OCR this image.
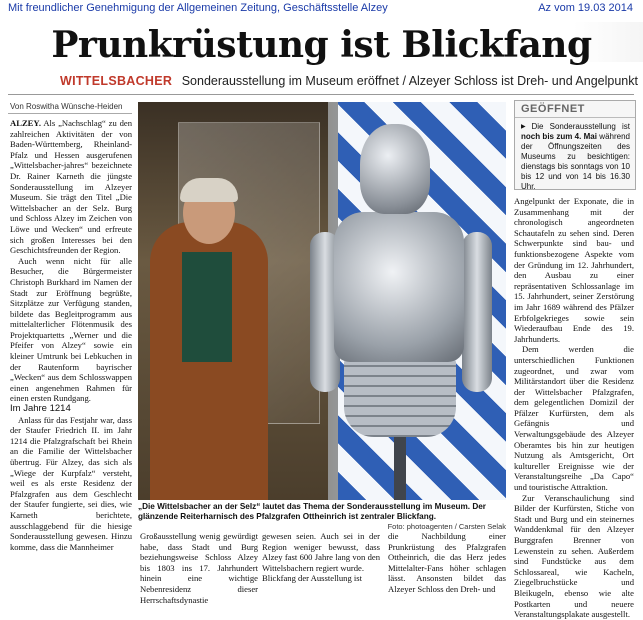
Mit freundlicher Genehmigung der Allgemeinen Zeitung, Geschäftsstelle Alzey	Az vom 19.03 2014
Prunkrüstung ist Blickfang
WITTELSBACHER Sonderausstellung im Museum eröffnet / Alzeyer Schloss ist Dreh- und Angelpunkt
Von Roswitha Wünsche-Heiden

ALZEY. Als „Nachschlag“ zu den zahlreichen Aktivitäten der von Baden-Württemberg, Rheinland-Pfalz und Hessen ausgerufenen „Wittelsbacher-jahres“ bezeichnete Dr. Rainer Karneth die jüngste Sonderausstellung im Alzeyer Museum. Sie trägt den Titel „Die Wittelsbacher an der Selz. Burg und Schloss Alzey im Zeichen von Löwe und Wecken“ und erfreute sich großen Interesses bei den Geschichtsfreunden der Region.

Auch wenn nicht für alle Besucher, die Bürgermeister Christoph Burkhard im Namen der Stadt zur Eröffnung begrüßte, Sitzplätze zur Verfügung standen, bildete das Begleitprogramm aus mittelalterlicher Flötenmusik des Projektquartetts „Werner und die Pfeifer von Alzey“ sowie ein kleiner Umtrunk bei Lebkuchen in der Rautenform bayrischer „Wecken“ aus dem Schlosswappen einen angenehmen Rahmen für einen ersten Rundgang.

Im Jahre 1214

Anlass für das Festjahr war, dass der Staufer Friedrich II. im Jahr 1214 die Pfalzgrafschaft bei Rhein an die Familie der Wittelsbacher übertrug. Für Alzey, das sich als „Wiege der Kurpfalz“ versteht, weil es als erste Residenz der Pfalzgrafen aus dem Geschlecht der Staufer fungierte, sei dies, wie Karneth berichtete, ausschlaggebend für die hiesige Sonderausstellung gewesen. Hinzu komme, dass die Mannheimer

„Die Wittelsbacher an der Selz“ lautet das Thema der Sonderausstellung im Museum. Der glänzende Reiterharnisch des Pfalzgrafen Ottheinrich ist zentraler Blickfang.
Foto: photoagenten / Carsten Selak

Großausstellung wenig gewürdigt habe, dass Stadt und Burg beziehungsweise Schloss Alzey bis 1803 ins 17. Jahrhundert hinein eine wichtige Nebenresidenz dieser Herrschaftsdynastie

gewesen seien. Auch sei in der Region weniger bewusst, dass Alzey fast 600 Jahre lang von den Wittelsbachern regiert wurde.
Blickfang der Ausstellung ist

die Nachbildung einer Prunkrüstung des Pfalzgrafen Ottheinrich, die das Herz jedes Mittelalter-Fans höher schlagen lässt. Ansonsten bildet das Alzeyer Schloss den Dreh- und

GEÖFFNET
▶ Die Sonderausstellung ist noch bis zum 4. Mai während der Öffnungszeiten des Museums zu besichtigen: dienstags bis sonntags von 10 bis 12 und von 14 bis 16.30 Uhr.

Angelpunkt der Exponate, die in Zusammenhang mit der chronologisch angeordneten Schautafeln zu sehen sind. Deren Schwerpunkte sind bau- und funktionsbezogene Aspekte vom der Gründung im 12. Jahrhundert, den Ausbau zu einer repräsentativen Schlossanlage im 15. Jahrhundert, seiner Zerstörung im Jahr 1689 während des Pfälzer Erbfolgekrieges sowie sein Wiederaufbau Ende des 19. Jahrhunderts.

Dem werden die unterschiedlichen Funktionen zugeordnet, und zwar vom Militärstandort über die Residenz der Wittelsbacher Pfalzgrafen, dem gelegentlichen Domizil der Pfälzer Kurfürsten, dem als Gefängnis und Verwaltungsgebäude des Alzeyer Oberamtes bis hin zur heutigen Nutzung als Amtsgericht, Ort kultureller Ereignisse wie der Veranstaltungsreihe „Da Capo“ und touristische Attraktion.

Zur Veranschaulichung sind Bilder der Kurfürsten, Stiche von Stadt und Burg und ein steinernes Wanddenkmal für den Alzeyer Burggrafen Brenner von Lewenstein zu sehen. Außerdem sind Fundstücke aus dem Schlossareal, wie Kacheln, Ziegelbruchstücke und Bleikugeln, ebenso wie alte Postkarten und neuere Veranstaltungsplakate ausgestellt.
